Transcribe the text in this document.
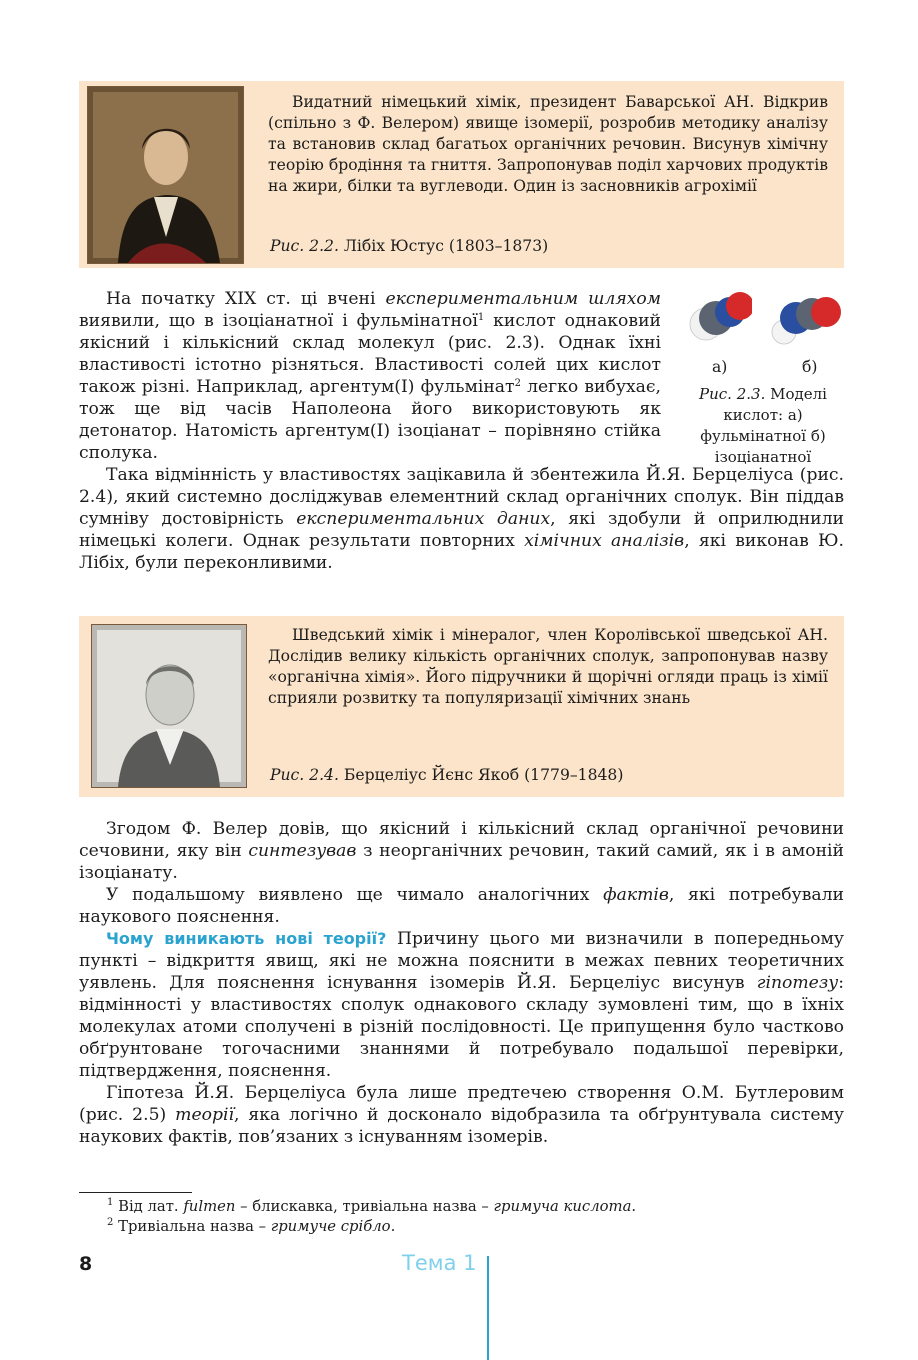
Видатний німецький хімік, президент Баварської АН. Відкрив (спільно з Ф. Велером) явище ізомерії, розробив методику аналізу та встановив склад багатьох органічних речовин. Висунув хімічну теорію бродіння та гниття. Запропонував поділ харчових продуктів на жири, білки та вуглеводи. Один із засновників агрохімії

Рис. 2.2. Лібіх Юстус (1803–1873)

На початку XIX ст. ці вчені експериментальним шляхом виявили, що в ізоціанатної і фульмінатної$^1$ кислот однаковий якісний і кількісний склад молекул (рис. 2.3). Однак їхні властивості істотно різняться. Властивості солей цих кислот також різні. Наприклад, аргентум(І) фульмінат$^2$ легко вибухає, тож ще від часів Наполеона його використовують як детонатор. Натомість аргентум(І) ізоціанат – порівняно стійка сполука.

а)	б)

Рис. 2.3. Моделі кислот: а) фульмінатної б) ізоціанатної

Така відмінність у властивостях зацікавила й збентежила Й.Я. Берцеліуса (рис. 2.4), який системно досліджував елементний склад органічних сполук. Він піддав сумніву достовірність експериментальних даних, які здобули й оприлюднили німецькі колеги. Однак результати повторних хімічних аналізів, які виконав Ю. Лібіх, були переконливими.

Шведський хімік і мінералог, член Королівської шведської АН. Дослідив велику кількість органічних сполук, запропонував назву «органічна хімія». Його підручники й щорічні огляди праць із хімії сприяли розвитку та популяризації хімічних знань

Рис. 2.4. Берцеліус Йєнс Якоб (1779–1848)

Згодом Ф. Велер довів, що якісний і кількісний склад органічної речовини сечовини, яку він синтезував з неорганічних речовин, такий самий, як і в амоній ізоціанату.

У подальшому виявлено ще чимало аналогічних фактів, які потребували наукового пояснення.

Чому виникають нові теорії? Причину цього ми визначили в попередньому пункті – відкриття явищ, які не можна пояснити в межах певних теоретичних уявлень. Для пояснення існування ізомерів Й.Я. Берцеліус висунув гіпотезу: відмінності у властивостях сполук однакового складу зумовлені тим, що в їхніх молекулах атоми сполучені в різній послідовності. Це припущення було частково обґрунтоване тогочасними знаннями й потребувало подальшої перевірки, підтвердження, пояснення.

Гіпотеза Й.Я. Берцеліуса була лише предтечею створення О.М. Бутлеровим (рис. 2.5) теорії, яка логічно й досконало відобразила та обґрунтувала систему наукових фактів, пов’язаних з існуванням ізомерів.

$^1$ Від лат. fulmen – блискавка, тривіальна назва – гримуча кислота.

$^2$ Тривіальна назва – гримуче срібло.

8	Тема 1
